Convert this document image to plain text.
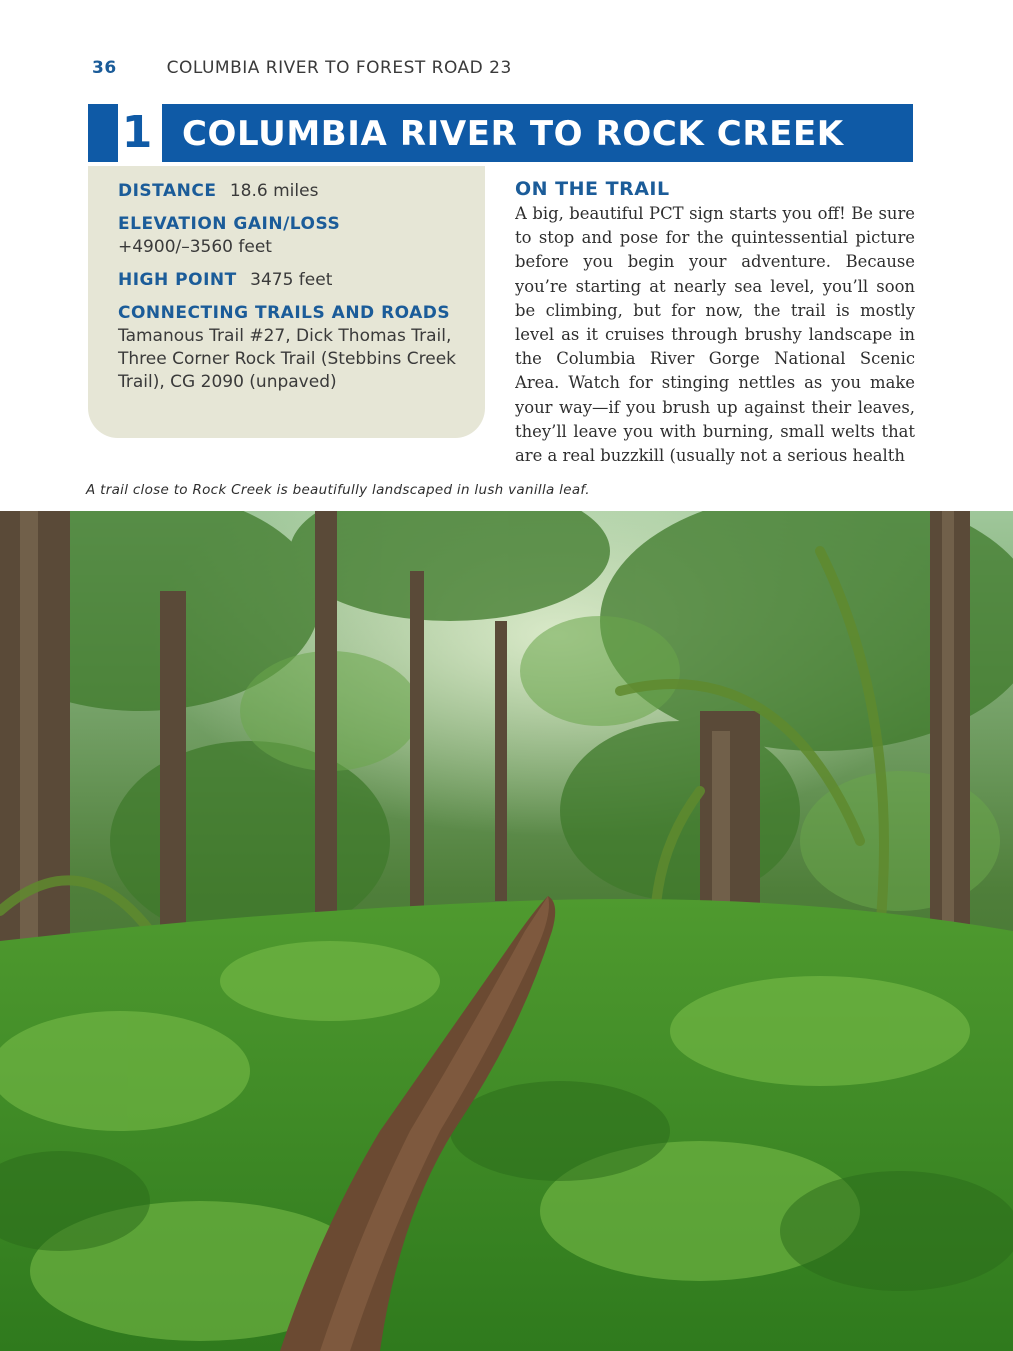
36	COLUMBIA RIVER TO FOREST ROAD 23
1 COLUMBIA RIVER TO ROCK CREEK
DISTANCE 18.6 miles
ELEVATION GAIN/LOSS
+4900/–3560 feet
HIGH POINT 3475 feet
CONNECTING TRAILS AND ROADS
Tamanous Trail #27, Dick Thomas Trail, Three Corner Rock Trail (Stebbins Creek Trail), CG 2090 (unpaved)
ON THE TRAIL

A big, beautiful PCT sign starts you off! Be sure to stop and pose for the quintessential picture before you begin your adventure. Because you’re starting at nearly sea level, you’ll soon be climbing, but for now, the trail is mostly level as it cruises through brushy landscape in the Columbia River Gorge National Scenic Area. Watch for stinging nettles as you make your way—if you brush up against their leaves, they’ll leave you with burning, small welts that are a real buzzkill (usually not a serious health

A trail close to Rock Creek is beautifully landscaped in lush vanilla leaf.
